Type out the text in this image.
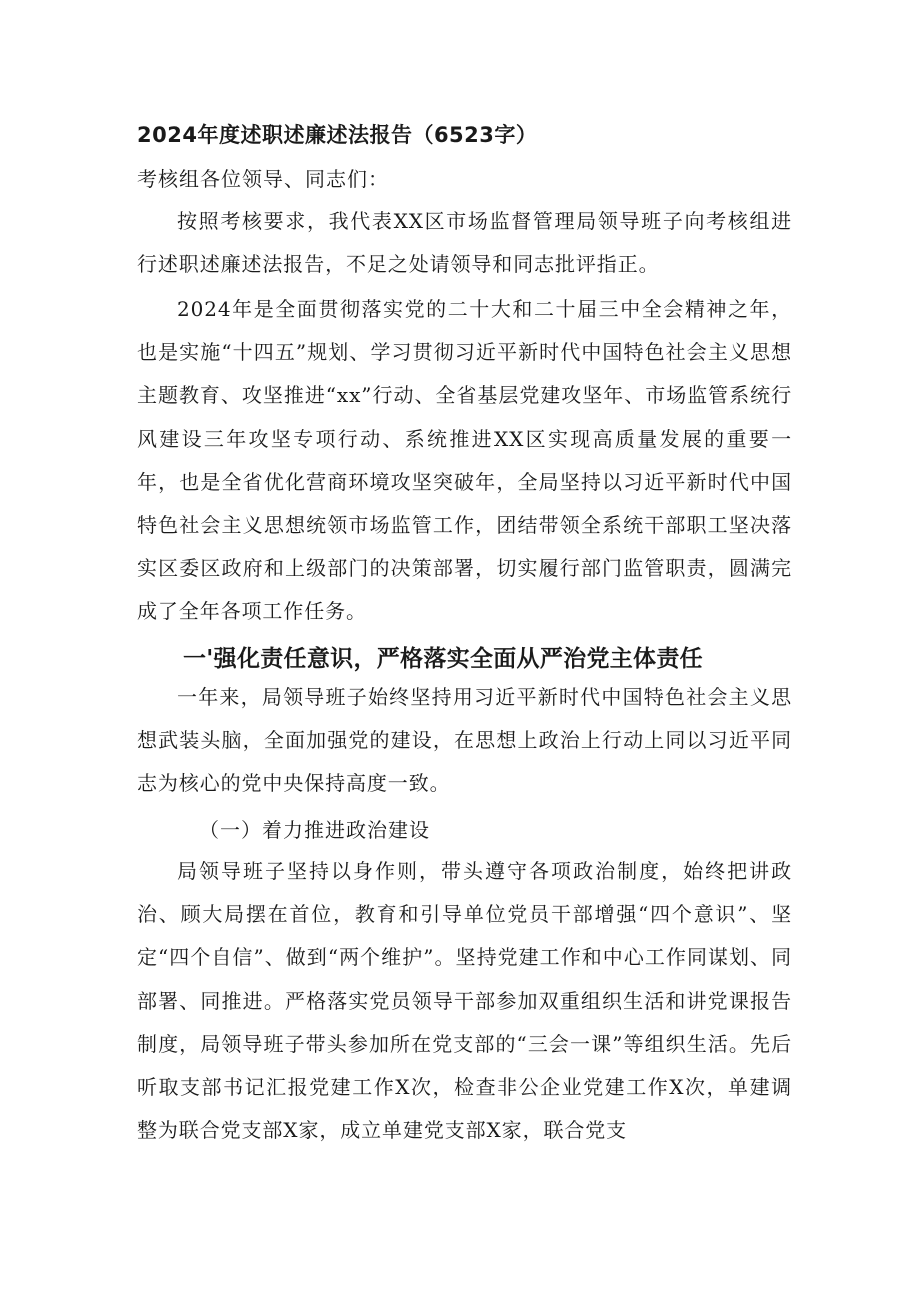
2024年度述职述廉述法报告（6523字）
考核组各位领导、同志们：

按照考核要求，我代表XX区市场监督管理局领导班子向考核组进行述职述廉述法报告，不足之处请领导和同志批评指正。

2024年是全面贯彻落实党的二十大和二十届三中全会精神之年，也是实施“十四五”规划、学习贯彻习近平新时代中国特色社会主义思想主题教育、攻坚推进“xx”行动、全省基层党建攻坚年、市场监管系统行风建设三年攻坚专项行动、系统推进XX区实现高质量发展的重要一年，也是全省优化营商环境攻坚突破年，全局坚持以习近平新时代中国特色社会主义思想统领市场监管工作，团结带领全系统干部职工坚决落实区委区政府和上级部门的决策部署，切实履行部门监管职责，圆满完成了全年各项工作任务。

一'强化责任意识，严格落实全面从严治党主体责任

一年来，局领导班子始终坚持用习近平新时代中国特色社会主义思想武装头脑，全面加强党的建设，在思想上政治上行动上同以习近平同志为核心的党中央保持高度一致。

（一）着力推进政治建设

局领导班子坚持以身作则，带头遵守各项政治制度，始终把讲政治、顾大局摆在首位，教育和引导单位党员干部增强“四个意识”、坚定“四个自信”、做到“两个维护”。坚持党建工作和中心工作同谋划、同部署、同推进。严格落实党员领导干部参加双重组织生活和讲党课报告制度，局领导班子带头参加所在党支部的“三会一课”等组织生活。先后听取支部书记汇报党建工作X次，检查非公企业党建工作X次，单建调整为联合党支部X家，成立单建党支部X家，联合党支
